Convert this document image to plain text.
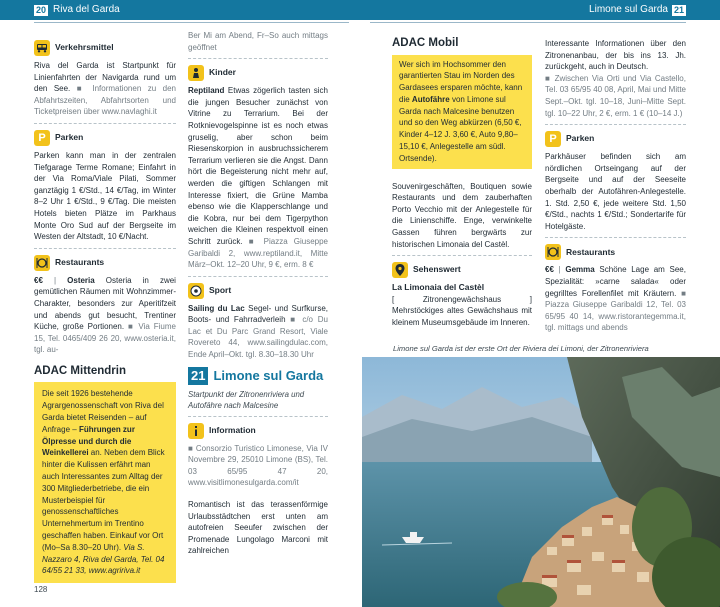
20 Riva del Garda	Limone sul Garda 21
Verkehrsmittel

Riva del Garda ist Startpunkt für Linienfahrten der Navigarda rund um den See. ■ Informationen zu den Abfahrtszeiten, Abfahrtsorten und Ticketpreisen über www.navlaghi.it

P	Parken

Parken kann man in der zentralen Tiefgarage Terme Romane; Einfahrt in der Via Roma/Viale Pilati, Sommer ganztägig 1 €/Std., 14 €/Tag, im Winter 8–2 Uhr 1 €/Std., 9 €/Tag. Die meisten Hotels bieten Plätze im Parkhaus Monte Oro Sud auf der Bergseite im Westen der Altstadt, 10 €/Nacht.

Restaurants

€€ | Osteria Osteria in zwei gemütlichen Räumen mit Wohnzimmer-Charakter, besonders zur Aperitifzeit und abends gut besucht, Trentiner Küche, große Portionen. ■ Via Fiume 15, Tel. 0465/409 26 20, www.osteria.it, tgl. au-

ADAC Mittendrin

Die seit 1926 bestehende Agrargenossenschaft von Riva del Garda bietet Reisenden – auf Anfrage – Führungen zur Ölpresse und durch die Weinkellerei an. Neben dem Blick hinter die Kulissen erfährt man auch Interessantes zum Alltag der 300 Mitgliederbetriebe, die ein Musterbeispiel für genossenschaftliches Unternehmertum im Trentino geschaffen haben. Einkauf vor Ort (Mo–Sa 8.30–20 Uhr). Via S. Nazzaro 4, Riva del Garda, Tel. 04 64/55 21 33, www.agririva.it

Ber Mi am Abend, Fr–So auch mittags geöffnet

Kinder

Reptiland Etwas zögerlich tasten sich die jungen Besucher zunächst von Vitrine zu Terrarium. Bei der Rotknievogelspinne ist es noch etwas gruselig, aber schon beim Riesenskorpion in ausbruchssicherem Terrarium verlieren sie die Angst. Dann hört die Begeisterung nicht mehr auf, werden die giftigen Schlangen mit Interesse fixiert, die Grüne Mamba ebenso wie die Klapperschlange und die Kobra, nur bei dem Tigerpython weichen die Kleinen respektvoll einen Schritt zurück. ■ Piazza Giuseppe Garibaldi 2, www.reptiland.it, Mitte März–Okt. 12–20 Uhr, 9 €, erm. 8 €

Sport

Sailing du Lac Segel- und Surfkurse, Boots- und Fahrradverleih ■ c/o Du Lac et Du Parc Grand Resort, Viale Rovereto 44, www.sailingdulac.com, Ende April–Okt. tgl. 8.30–18.30 Uhr

21 Limone sul Garda

Startpunkt der Zitronenriviera und Autofähre nach Malcesine

Information

■ Consorzio Turistico Limonese, Via IV Novembre 29, 25010 Limone (BS), Tel. 03 65/95 47 20, www.visitlimonesulgarda.com/it

Romantisch ist das terassenförmige Urlaubsstädtchen erst unten am autofreien Seeufer zwischen der Promenade Lungolago Marconi mit zahlreichen

ADAC Mobil

Wer sich im Hochsommer den garantierten Stau im Norden des Gardasees ersparen möchte, kann die Autofähre von Limone sul Garda nach Malcesine benutzen und so den Weg abkürzen (6,50 €, Kinder 4–12 J. 3,60 €, Auto 9,80–15,10 €, Anlegestelle am südl. Ortsende).

Souvenirgeschäften, Boutiquen sowie Restaurants und dem zauberhaften Porto Vecchio mit der Anlegestelle für die Linienschiffe. Enge, verwinkelte Gassen führen bergwärts zur historischen Limonaia del Castèl.

Sehenswert

La Limonaia del Castèl

[ Zitronengewächshaus ] Mehrstöckiges altes Gewächshaus mit kleinem Museumsgebäude im Inneren.

Interessante Informationen über den Zitronenanbau, der bis ins 13. Jh. zurückgeht, auch in Deutsch.

■ Zwischen Via Orti und Via Castello, Tel. 03 65/95 40 08, April, Mai und Mitte Sept.–Okt. tgl. 10–18, Juni–Mitte Sept. tgl. 10–22 Uhr, 2 €, erm. 1 € (10–14 J.)

P	Parken

Parkhäuser befinden sich am nördlichen Ortseingang auf der Bergseite und auf der Seeseite oberhalb der Autofähren-Anlegestelle. 1. Std. 2,50 €, jede weitere Std. 1,50 €/Std., nachts 1 €/Std.; Sondertarife für Hotelgäste.

Restaurants

€€ | Gemma Schöne Lage am See, Spezialität: »carne salada« oder gegrilltes Forellenfilet mit Kräutern. ■ Piazza Giuseppe Garibaldi 12, Tel. 03 65/95 40 14, www.ristorantegemma.it, tgl. mittags und abends

Limone sul Garda ist der erste Ort der Riviera dei Limoni, der Zitronenriviera
128
